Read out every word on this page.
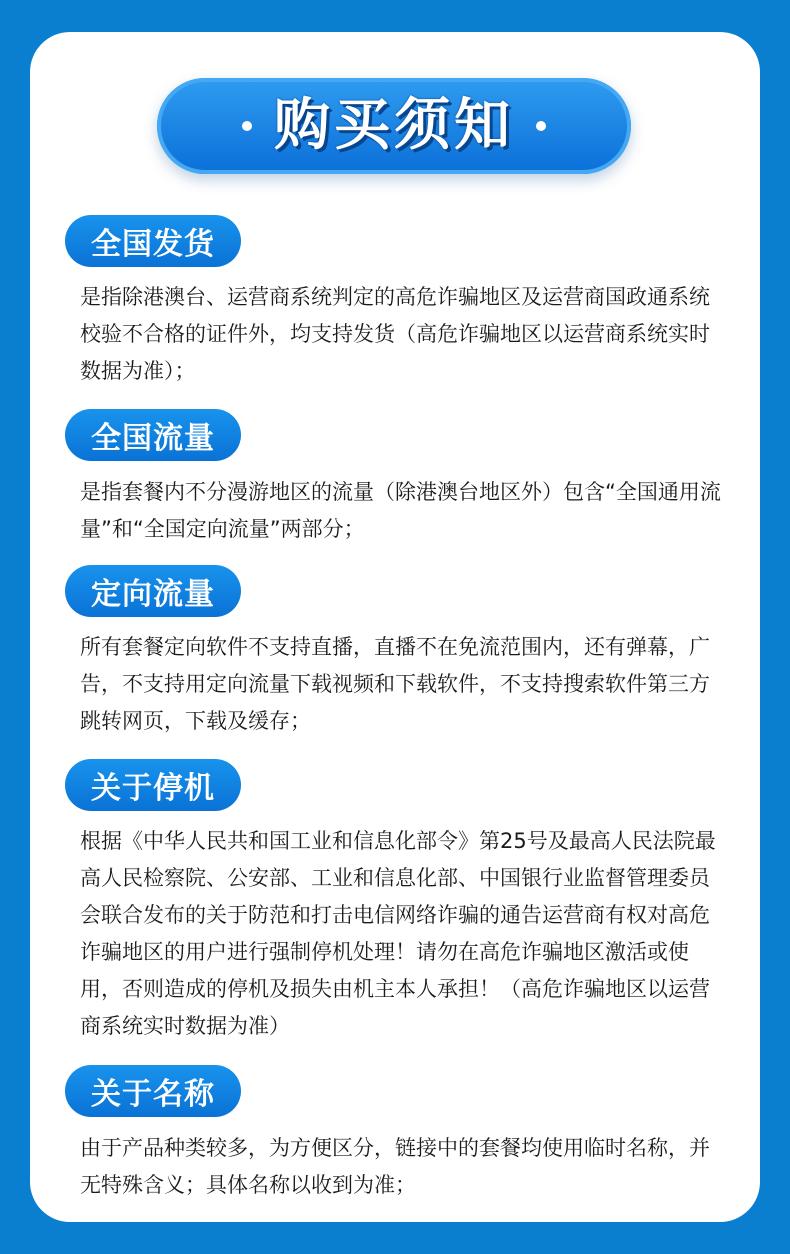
购买须知
全国发货

是指除港澳台、运营商系统判定的高危诈骗地区及运营商国政通系统校验不合格的证件外，均支持发货（高危诈骗地区以运营商系统实时数据为准）；

全国流量

是指套餐内不分漫游地区的流量（除港澳台地区外）包含“全国通用流量”和“全国定向流量”两部分；

定向流量

所有套餐定向软件不支持直播，直播不在免流范围内，还有弹幕，广告，不支持用定向流量下载视频和下载软件，不支持搜索软件第三方跳转网页，下载及缓存；

关于停机

根据《中华人民共和国工业和信息化部令》第25号及最高人民法院最高人民检察院、公安部、工业和信息化部、中国银行业监督管理委员会联合发布的关于防范和打击电信网络诈骗的通告运营商有权对高危诈骗地区的用户进行强制停机处理！请勿在高危诈骗地区激活或使用，否则造成的停机及损失由机主本人承担！（高危诈骗地区以运营商系统实时数据为准）

关于名称

由于产品种类较多，为方便区分，链接中的套餐均使用临时名称，并无特殊含义；具体名称以收到为准；
